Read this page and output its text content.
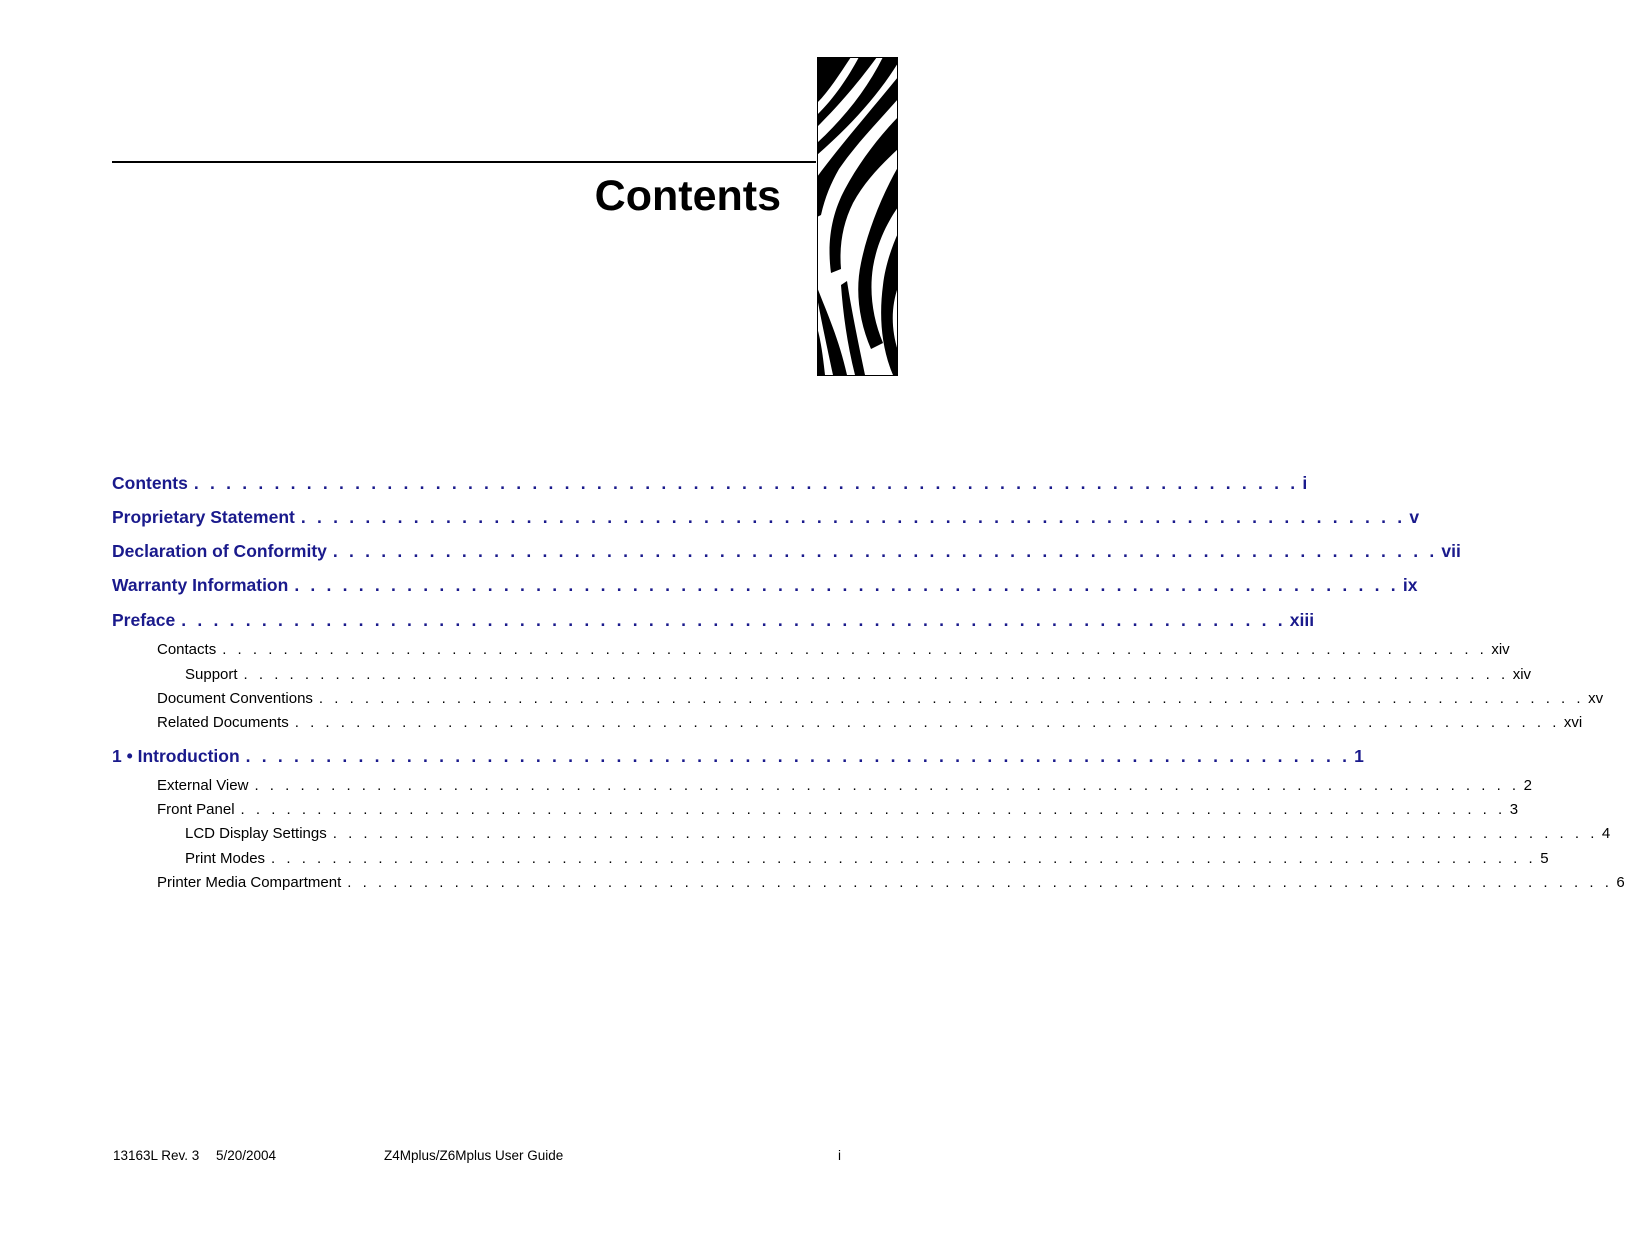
Contents
Contents . . . . . . . . . . . . . . . . . . . . . . . . . . . . . . . . . . . . . . . . . . . . . . . . . . . . . . . . . . . . . . . . . . . . . i
Proprietary Statement . . . . . . . . . . . . . . . . . . . . . . . . . . . . . . . . . . . . . . . . . . . . . . . . . . . . . . . . . . . . . . . . . . . . . v
Declaration of Conformity . . . . . . . . . . . . . . . . . . . . . . . . . . . . . . . . . . . . . . . . . . . . . . . . . . . . . . . . . . . . . . . . . . . . . vii
Warranty Information . . . . . . . . . . . . . . . . . . . . . . . . . . . . . . . . . . . . . . . . . . . . . . . . . . . . . . . . . . . . . . . . . . . . . ix
Preface . . . . . . . . . . . . . . . . . . . . . . . . . . . . . . . . . . . . . . . . . . . . . . . . . . . . . . . . . . . . . . . . . . . . . xiii
Contacts . . . . . . . . . . . . . . . . . . . . . . . . . . . . . . . . . . . . . . . . . . . . . . . . . . . . . . . . . . . . . . . . . . . . . . . . . . . . . . . . . . . xiv
Support . . . . . . . . . . . . . . . . . . . . . . . . . . . . . . . . . . . . . . . . . . . . . . . . . . . . . . . . . . . . . . . . . . . . . . . . . . . . . . . . . . . xiv
Document Conventions . . . . . . . . . . . . . . . . . . . . . . . . . . . . . . . . . . . . . . . . . . . . . . . . . . . . . . . . . . . . . . . . . . . . . . . . . . . . . . . . . . . xv
Related Documents . . . . . . . . . . . . . . . . . . . . . . . . . . . . . . . . . . . . . . . . . . . . . . . . . . . . . . . . . . . . . . . . . . . . . . . . . . . . . . . . . . . xvi
1 • Introduction . . . . . . . . . . . . . . . . . . . . . . . . . . . . . . . . . . . . . . . . . . . . . . . . . . . . . . . . . . . . . . . . . . . . . 1
External View . . . . . . . . . . . . . . . . . . . . . . . . . . . . . . . . . . . . . . . . . . . . . . . . . . . . . . . . . . . . . . . . . . . . . . . . . . . . . . . . . . . 2
Front Panel . . . . . . . . . . . . . . . . . . . . . . . . . . . . . . . . . . . . . . . . . . . . . . . . . . . . . . . . . . . . . . . . . . . . . . . . . . . . . . . . . . . 3
LCD Display Settings . . . . . . . . . . . . . . . . . . . . . . . . . . . . . . . . . . . . . . . . . . . . . . . . . . . . . . . . . . . . . . . . . . . . . . . . . . . . . . . . . . . 4
Print Modes . . . . . . . . . . . . . . . . . . . . . . . . . . . . . . . . . . . . . . . . . . . . . . . . . . . . . . . . . . . . . . . . . . . . . . . . . . . . . . . . . . . 5
Printer Media Compartment . . . . . . . . . . . . . . . . . . . . . . . . . . . . . . . . . . . . . . . . . . . . . . . . . . . . . . . . . . . . . . . . . . . . . . . . . . . . . . . . . . . 6
13163L Rev. 3 5/20/2004	Z4Mplus/Z6Mplus User Guide	i
